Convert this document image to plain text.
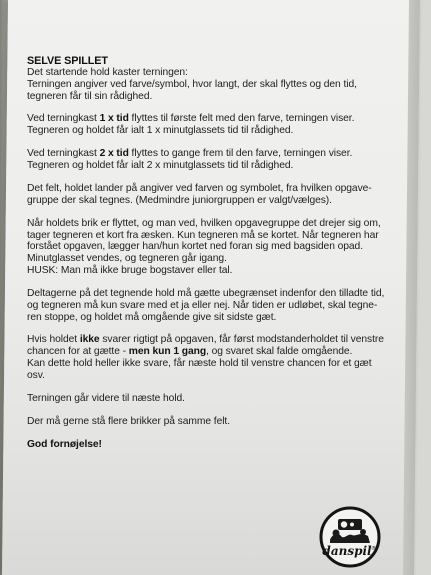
SELVE SPILLET

Det startende hold kaster terningen:
Terningen angiver ved farve/symbol, hvor langt, der skal flyttes og den tid,
tegneren får til sin rådighed.

Ved terningkast 1 x tid flyttes til første felt med den farve, terningen viser.
Tegneren og holdet får ialt 1 x minutglassets tid til rådighed.

Ved terningkast 2 x tid flyttes to gange frem til den farve, terningen viser.
Tegneren og holdet får ialt 2 x minutglassets tid til rådighed.

Det felt, holdet lander på angiver ved farven og symbolet, fra hvilken opgave-
gruppe der skal tegnes. (Medmindre juniorgruppen er valgt/vælges).

Når holdets brik er flyttet, og man ved, hvilken opgavegruppe det drejer sig om,
tager tegneren et kort fra æsken. Kun tegneren må se kortet. Når tegneren har
forstået opgaven, lægger han/hun kortet ned foran sig med bagsiden opad.
Minutglasset vendes, og tegneren går igang.
HUSK: Man må ikke bruge bogstaver eller tal.

Deltagerne på det tegnende hold må gætte ubegrænset indenfor den tilladte tid,
og tegneren må kun svare med et ja eller nej. Når tiden er udløbet, skal tegne-
ren stoppe, og holdet må omgående give sit sidste gæt.

Hvis holdet ikke svarer rigtigt på opgaven, får først modstanderholdet til venstre
chancen for at gætte - men kun 1 gang, og svaret skal falde omgående.
Kan dette hold heller ikke svare, får næste hold til venstre chancen for et gæt
osv.

Terningen går videre til næste hold.

Der må gerne stå flere brikker på samme felt.

God fornøjelse!

danspil ®
